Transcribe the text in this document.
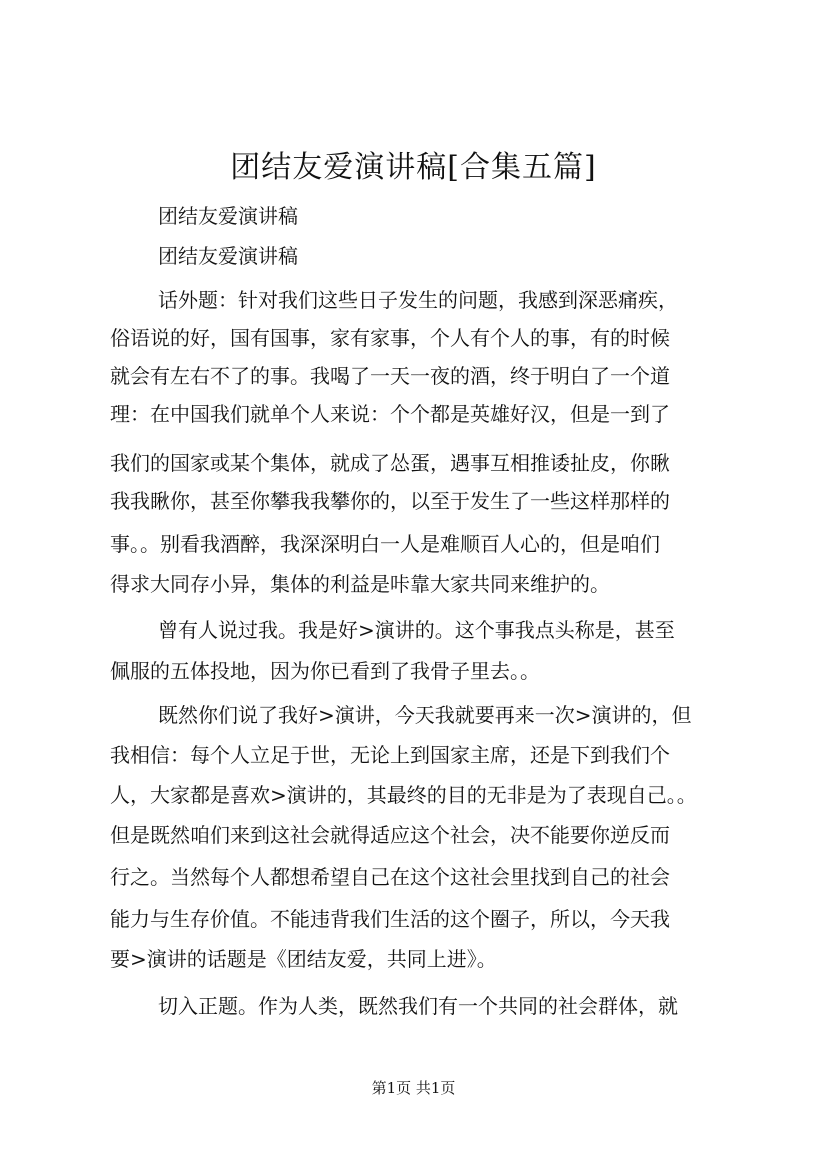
团结友爱演讲稿[合集五篇]

团结友爱演讲稿

团结友爱演讲稿

话外题：针对我们这些日子发生的问题，我感到深恶痛疾，

俗语说的好，国有国事，家有家事，个人有个人的事，有的时候

就会有左右不了的事。我喝了一天一夜的酒，终于明白了一个道

理：在中国我们就单个人来说：个个都是英雄好汉，但是一到了

我们的国家或某个集体，就成了怂蛋，遇事互相推诿扯皮，你瞅

我我瞅你，甚至你攀我我攀你的，以至于发生了一些这样那样的

事。。别看我酒醉，我深深明白一人是难顺百人心的，但是咱们

得求大同存小异，集体的利益是咔靠大家共同来维护的。

曾有人说过我。我是好>演讲的。这个事我点头称是，甚至

佩服的五体投地，因为你已看到了我骨子里去。。

既然你们说了我好>演讲，今天我就要再来一次>演讲的，但

我相信：每个人立足于世，无论上到国家主席，还是下到我们个

人，大家都是喜欢>演讲的，其最终的目的无非是为了表现自己。。

但是既然咱们来到这社会就得适应这个社会，决不能要你逆反而

行之。当然每个人都想希望自己在这个这社会里找到自己的社会

能力与生存价值。不能违背我们生活的这个圈子，所以，今天我

要>演讲的话题是《团结友爱，共同上进》。

切入正题。作为人类，既然我们有一个共同的社会群体，就

第1页 共1页
